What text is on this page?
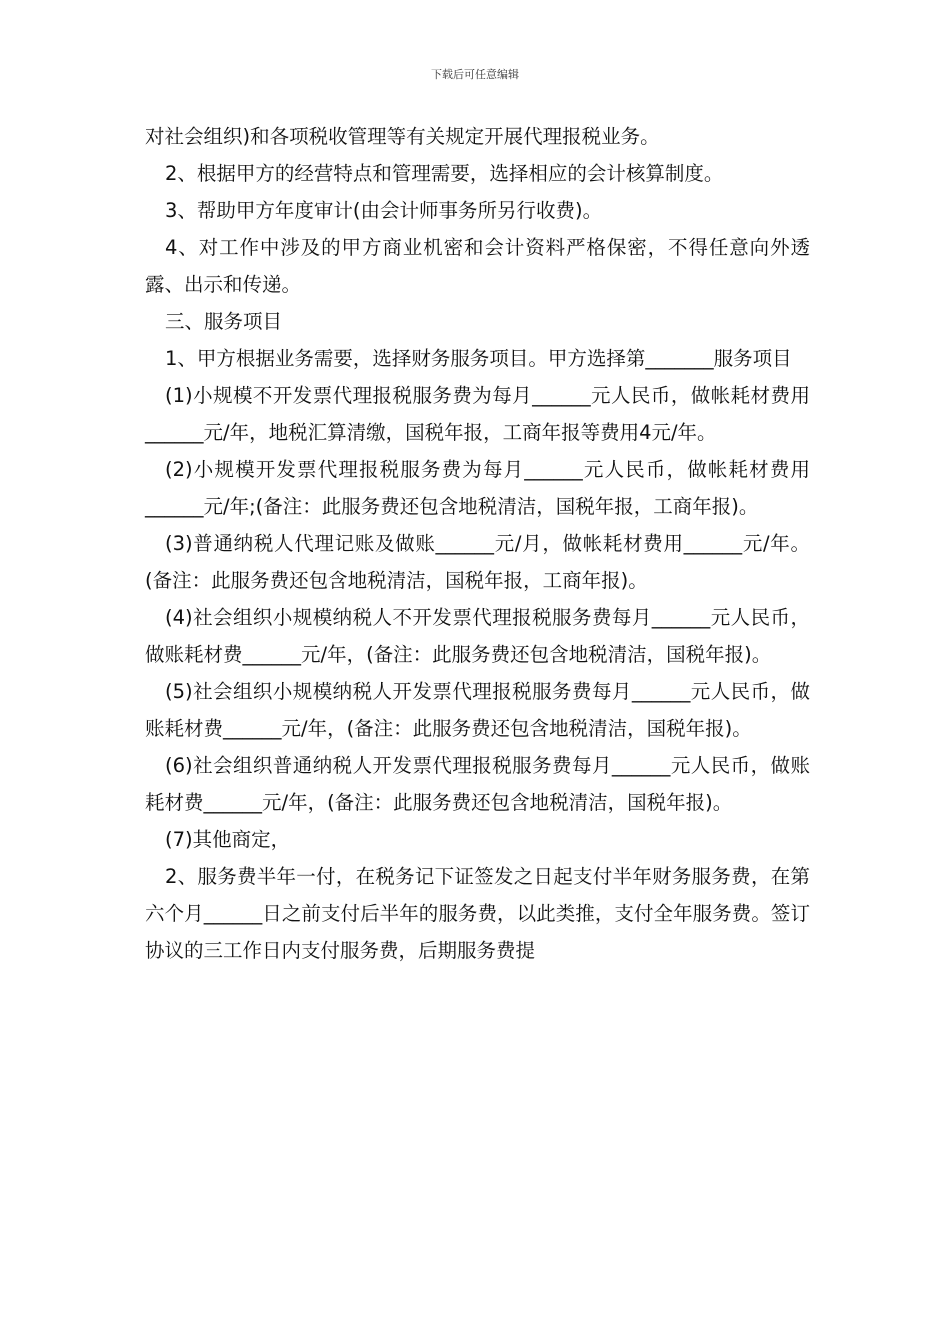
下载后可任意编辑

对社会组织)和各项税收管理等有关规定开展代理报税业务。

2、根据甲方的经营特点和管理需要，选择相应的会计核算制度。

3、帮助甲方年度审计(由会计师事务所另行收费)。

4、对工作中涉及的甲方商业机密和会计资料严格保密，不得任意向外透露、出示和传递。

三、服务项目

1、甲方根据业务需要，选择财务服务项目。甲方选择第_______服务项目

(1)小规模不开发票代理报税服务费为每月______元人民币，做帐耗材费用______元/年，地税汇算清缴，国税年报，工商年报等费用4元/年。

(2)小规模开发票代理报税服务费为每月______元人民币，做帐耗材费用______元/年;(备注：此服务费还包含地税清洁，国税年报，工商年报)。

(3)普通纳税人代理记账及做账______元/月，做帐耗材费用______元/年。(备注：此服务费还包含地税清洁，国税年报，工商年报)。

(4)社会组织小规模纳税人不开发票代理报税服务费每月______元人民币，做账耗材费______元/年，(备注：此服务费还包含地税清洁，国税年报)。

(5)社会组织小规模纳税人开发票代理报税服务费每月______元人民币，做账耗材费______元/年，(备注：此服务费还包含地税清洁，国税年报)。

(6)社会组织普通纳税人开发票代理报税服务费每月______元人民币，做账耗材费______元/年，(备注：此服务费还包含地税清洁，国税年报)。

(7)其他商定，

2、服务费半年一付，在税务记下证签发之日起支付半年财务服务费，在第六个月______日之前支付后半年的服务费，以此类推，支付全年服务费。签订协议的三工作日内支付服务费，后期服务费提
